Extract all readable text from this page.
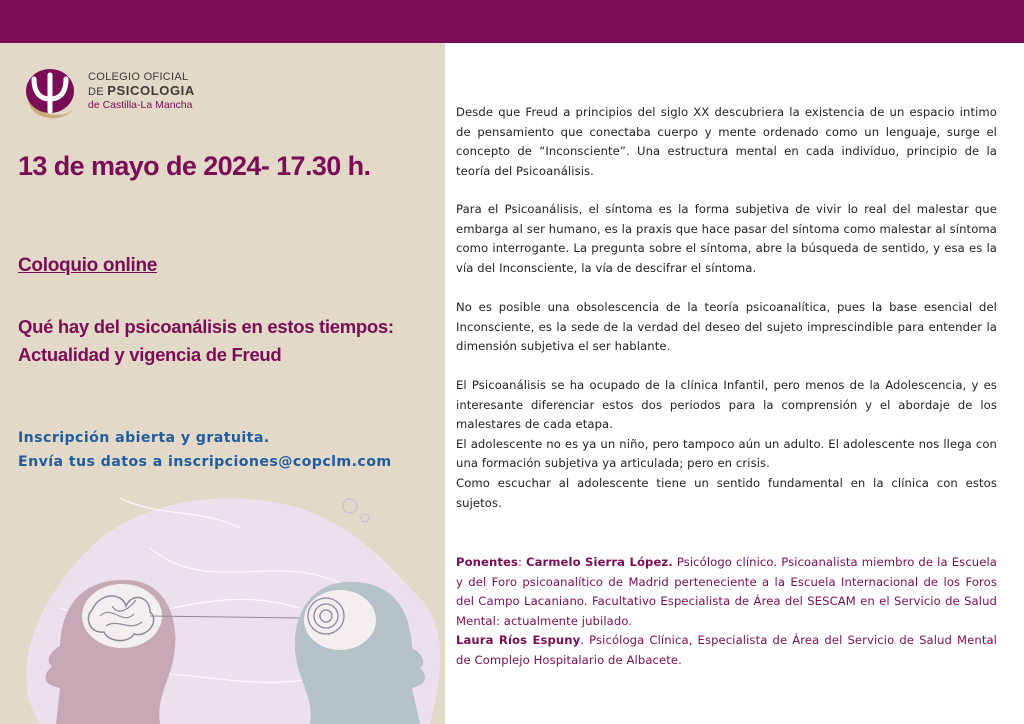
COLEGIO OFICIAL
DE PSICOLOGIA
de Castilla-La Mancha
13 de mayo de 2024- 17.30 h.
Coloquio online
Qué hay del psicoanálisis en estos tiempos:
Actualidad y vigencia de Freud
Inscripción abierta y gratuita.
Envía tus datos a inscripciones@copclm.com

Desde que Freud a principios del siglo XX descubriera la existencia de un espacio intimo de pensamiento que conectaba cuerpo y mente ordenado como un lenguaje, surge el concepto de “Inconsciente”. Una estructura mental en cada individuo, principio de la teoría del Psicoanálisis.

Para el Psicoanálisis, el síntoma es la forma subjetiva de vivir lo real del malestar que embarga al ser humano, es la praxis que hace pasar del síntoma como malestar al síntoma como interrogante. La pregunta sobre el síntoma, abre la búsqueda de sentido, y esa es la vía del Inconsciente, la vía de descifrar el síntoma.

No es posible una obsolescencia de la teoría psicoanalítica, pues la base esencial del Inconsciente, es la sede de la verdad del deseo del sujeto imprescindible para entender la dimensión subjetiva el ser hablante.

El Psicoanálisis se ha ocupado de la clínica Infantil, pero menos de la Adolescencia, y es interesante diferenciar estos dos periodos para la comprensión y el abordaje de los malestares de cada etapa.
El adolescente no es ya un niño, pero tampoco aún un adulto. El adolescente nos llega con una formación subjetiva ya articulada; pero en crisis.
Como escuchar al adolescente tiene un sentido fundamental en la clínica con estos sujetos.
Ponentes: Carmelo Sierra López. Psicólogo clínico. Psicoanalista miembro de la Escuela y del Foro psicoanalítico de Madrid perteneciente a la Escuela Internacional de los Foros del Campo Lacaniano. Facultativo Especialista de Área del SESCAM en el Servicio de Salud Mental: actualmente jubilado.
Laura Ríos Espuny. Psicóloga Clínica, Especialista de Área del Servicio de Salud Mental de Complejo Hospitalario de Albacete.
